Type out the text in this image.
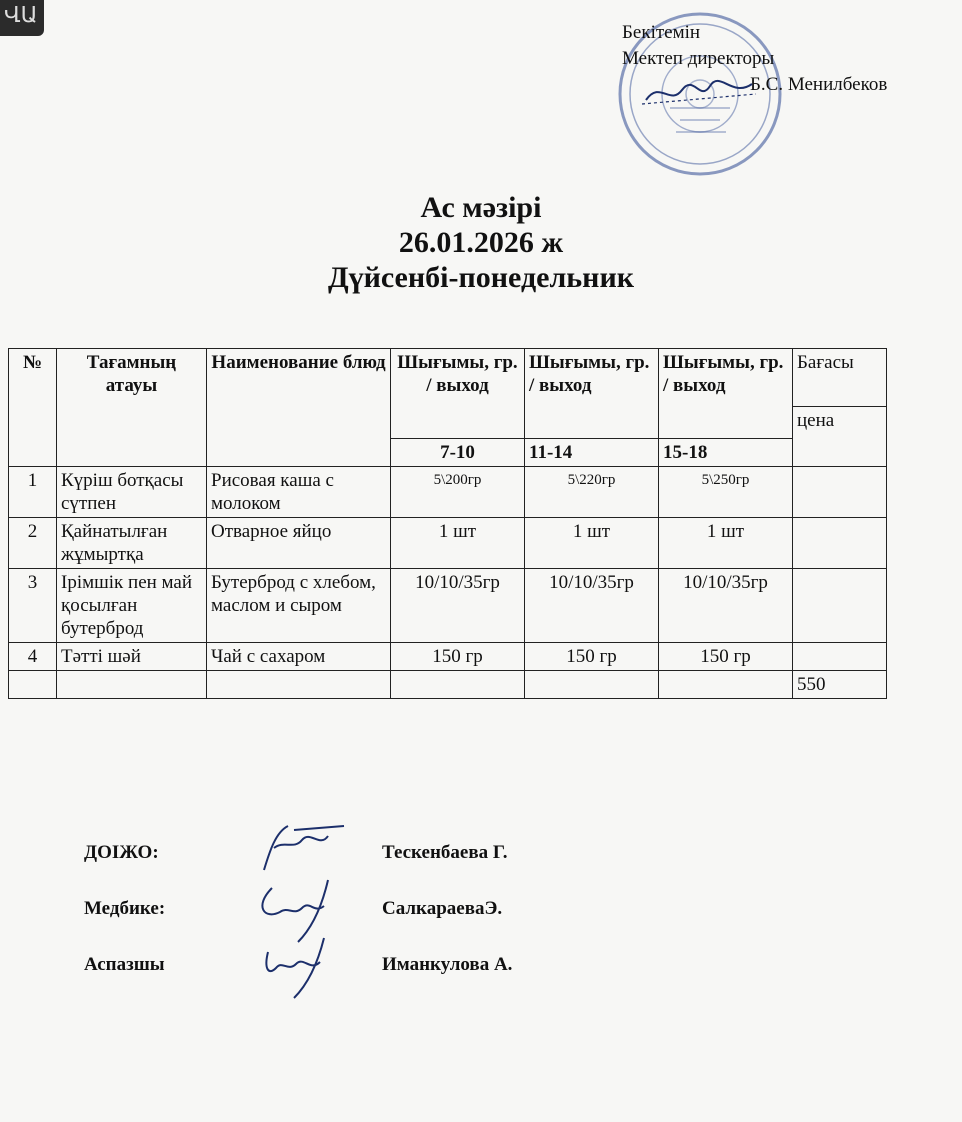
ՎԱ
Бекітемін
Мектеп директоры
Б.С. Менилбеков
Ас мәзірі
26.01.2026 ж
Дүйсенбі-понедельник
№	Тағамның атауы	Наименование блюд	Шығымы, гр. / выход	Шығымы, гр. / выход	Шығымы, гр. / выход	Бағасы
						цена
			7-10	11-14	15-18	
1	Күріш ботқасы сүтпен	Рисовая каша с молоком	5\200гр	5\220гр	5\250гр	
2	Қайнатылған жұмыртқа	Отварное яйцо	1 шт	1 шт	1 шт	
3	Ірімшік пен май қосылған бутерброд	Бутерброд с хлебом, маслом и сыром	10/10/35гр	10/10/35гр	10/10/35гр	
4	Тәтті шәй	Чай с сахаром	150 гр	150 гр	150 гр	
						550
ДОІЖО:	Тескенбаева Г.
Медбике:	СалкараеваЭ.
Аспазшы	Иманкулова А.
